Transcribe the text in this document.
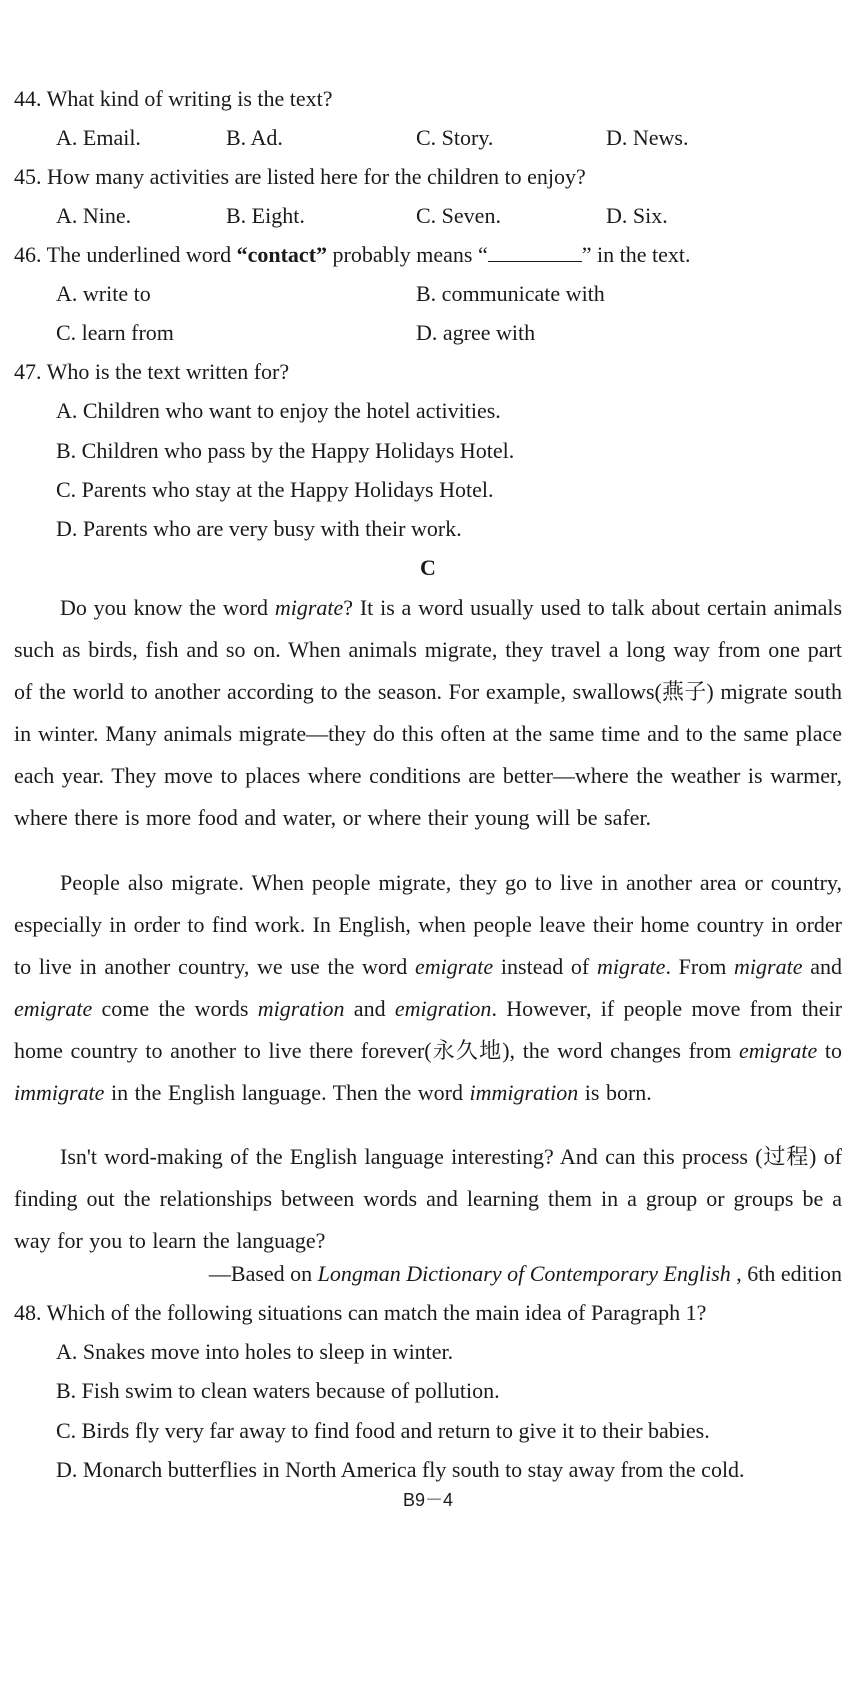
44. What kind of writing is the text?
A. Email.	B. Ad.	C. Story.	D. News.
45. How many activities are listed here for the children to enjoy?
A. Nine.	B. Eight.	C. Seven.	D. Six.
46. The underlined word “contact” probably means “	” in the text.
A. write to	B. communicate with
C. learn from	D. agree with
47. Who is the text written for?
A. Children who want to enjoy the hotel activities.
B. Children who pass by the Happy Holidays Hotel.
C. Parents who stay at the Happy Holidays Hotel.
D. Parents who are very busy with their work.
C

Do you know the word migrate? It is a word usually used to talk about certain animals such as birds, fish and so on. When animals migrate, they travel a long way from one part of the world to another according to the season. For example, swallows(燕子) migrate south in winter. Many animals migrate—they do this often at the same time and to the same place each year. They move to places where conditions are better—where the weather is warmer, where there is more food and water, or where their young will be safer.

People also migrate. When people migrate, they go to live in another area or country, especially in order to find work. In English, when people leave their home country in order to live in another country, we use the word emigrate instead of migrate. From migrate and emigrate come the words migration and emigration. However, if people move from their home country to another to live there forever(永久地), the word changes from emigrate to immigrate in the English language. Then the word immigration is born.

Isn't word-making of the English language interesting? And can this process (过程) of finding out the relationships between words and learning them in a group or groups be a way for you to learn the language?

—Based on Longman Dictionary of Contemporary English , 6th edition
48. Which of the following situations can match the main idea of Paragraph 1?
A. Snakes move into holes to sleep in winter.
B. Fish swim to clean waters because of pollution.
C. Birds fly very far away to find food and return to give it to their babies.
D. Monarch butterflies in North America fly south to stay away from the cold.
B9－4
